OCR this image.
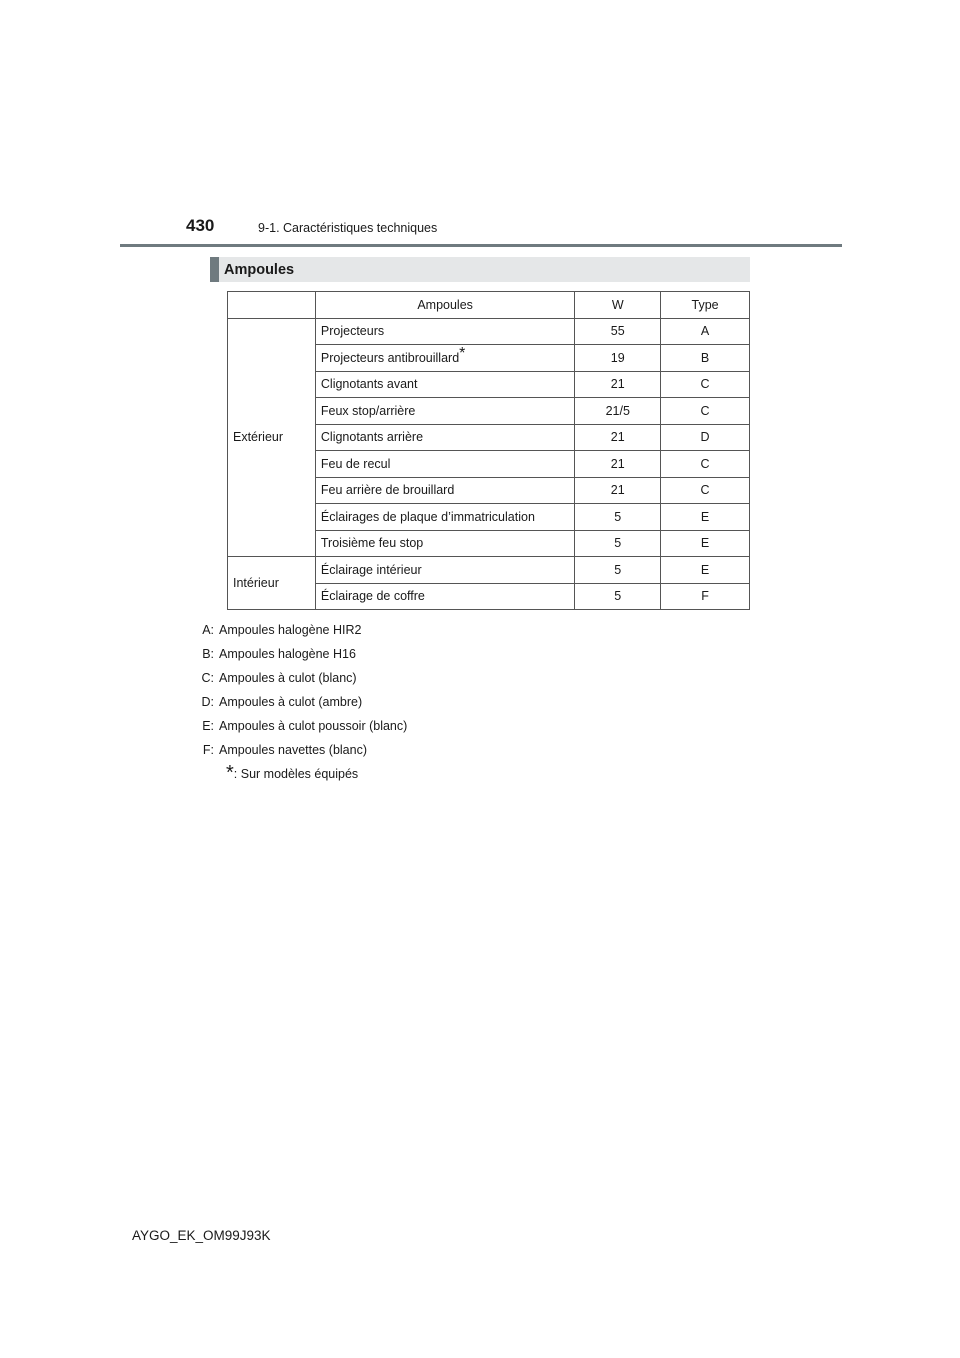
430	9-1. Caractéristiques techniques
Ampoules
	Ampoules	W	Type
Extérieur	Projecteurs	55	A
	Projecteurs antibrouillard*	19	B
	Clignotants avant	21	C
	Feux stop/arrière	21/5	C
	Clignotants arrière	21	D
	Feu de recul	21	C
	Feu arrière de brouillard	21	C
	Éclairages de plaque d’immatriculation	5	E
	Troisième feu stop	5	E
Intérieur	Éclairage intérieur	5	E
	Éclairage de coffre	5	F
A: Ampoules halogène HIR2
B: Ampoules halogène H16
C: Ampoules à culot (blanc)
D: Ampoules à culot (ambre)
E: Ampoules à culot poussoir (blanc)
F: Ampoules navettes (blanc)
* : Sur modèles équipés
AYGO_EK_OM99J93K
